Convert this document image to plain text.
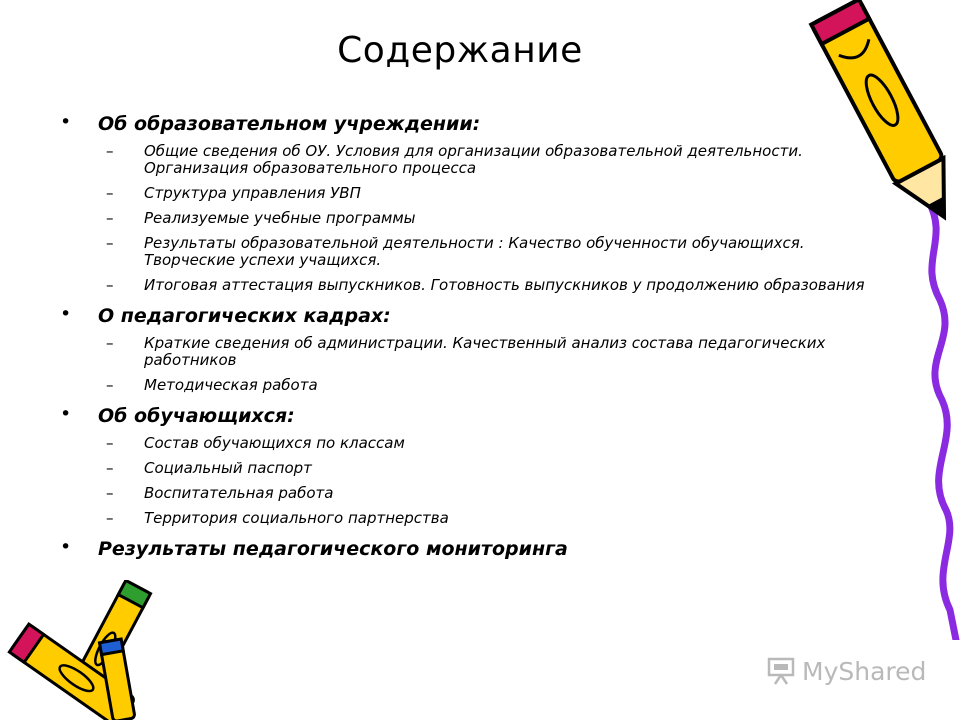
Содержание
• Об образовательном учреждении:
– Общие сведения об ОУ. Условия для организации образовательной деятельности. Организация образовательного процесса
– Структура управления УВП
– Реализуемые учебные программы
– Результаты образовательной деятельности : Качество обученности обучающихся. Творческие успехи учащихся.
– Итоговая аттестация выпускников. Готовность выпускников у продолжению образования
• О педагогических кадрах:
– Краткие сведения об администрации. Качественный анализ состава педагогических работников
– Методическая работа
• Об обучающихся:
– Состав обучающихся по классам
– Социальный паспорт
– Воспитательная работа
– Территория социального партнерства
• Результаты педагогического мониторинга
MyShared
